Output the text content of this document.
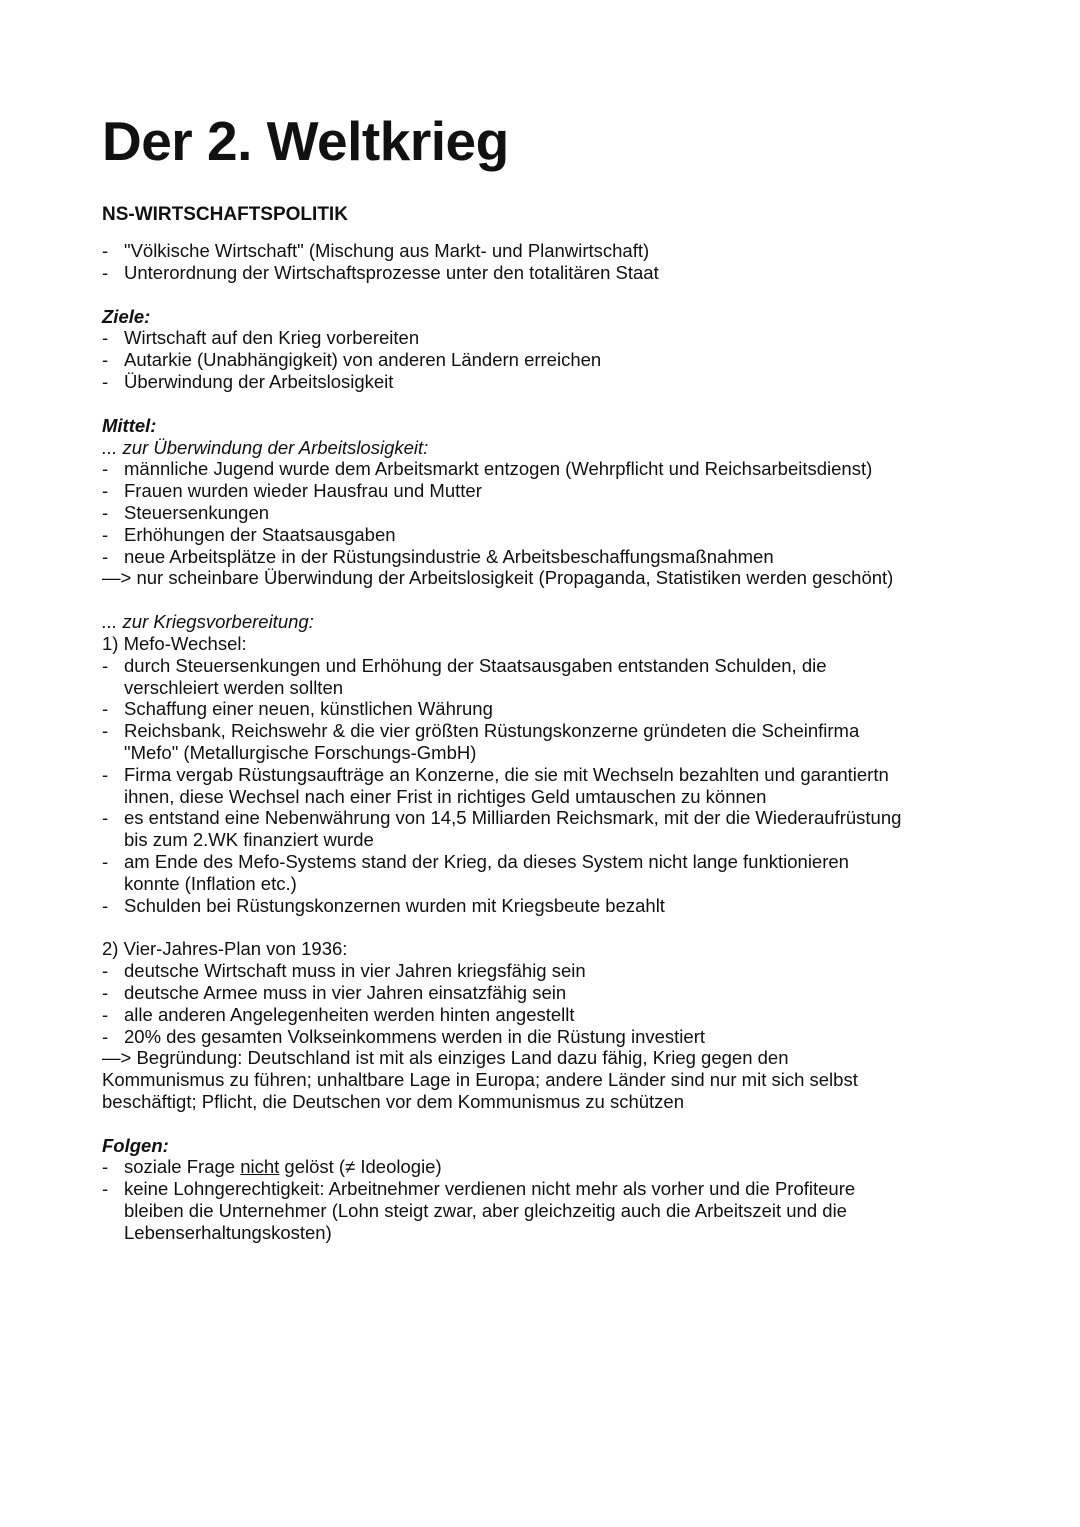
Der 2. Weltkrieg
NS-WIRTSCHAFTSPOLITIK
- "Völkische Wirtschaft" (Mischung aus Markt- und Planwirtschaft)
- Unterordnung der Wirtschaftsprozesse unter den totalitären Staat
Ziele:
- Wirtschaft auf den Krieg vorbereiten
- Autarkie (Unabhängigkeit) von anderen Ländern erreichen
- Überwindung der Arbeitslosigkeit
Mittel:
... zur Überwindung der Arbeitslosigkeit:
- männliche Jugend wurde dem Arbeitsmarkt entzogen (Wehrpflicht und Reichsarbeitsdienst)
- Frauen wurden wieder Hausfrau und Mutter
- Steuersenkungen
- Erhöhungen der Staatsausgaben
- neue Arbeitsplätze in der Rüstungsindustrie & Arbeitsbeschaffungsmaßnahmen
—> nur scheinbare Überwindung der Arbeitslosigkeit (Propaganda, Statistiken werden geschönt)
... zur Kriegsvorbereitung:
1) Mefo-Wechsel:
- durch Steuersenkungen und Erhöhung der Staatsausgaben entstanden Schulden, die
verschleiert werden sollten
- Schaffung einer neuen, künstlichen Währung
- Reichsbank, Reichswehr & die vier größten Rüstungskonzerne gründeten die Scheinfirma
"Mefo" (Metallurgische Forschungs-GmbH)
- Firma vergab Rüstungsaufträge an Konzerne, die sie mit Wechseln bezahlten und garantiertn
ihnen, diese Wechsel nach einer Frist in richtiges Geld umtauschen zu können
- es entstand eine Nebenwährung von 14,5 Milliarden Reichsmark, mit der die Wiederaufrüstung
bis zum 2.WK finanziert wurde
- am Ende des Mefo-Systems stand der Krieg, da dieses System nicht lange funktionieren
konnte (Inflation etc.)
- Schulden bei Rüstungskonzernen wurden mit Kriegsbeute bezahlt
2) Vier-Jahres-Plan von 1936:
- deutsche Wirtschaft muss in vier Jahren kriegsfähig sein
- deutsche Armee muss in vier Jahren einsatzfähig sein
- alle anderen Angelegenheiten werden hinten angestellt
- 20% des gesamten Volkseinkommens werden in die Rüstung investiert
—> Begründung: Deutschland ist mit als einziges Land dazu fähig, Krieg gegen den
Kommunismus zu führen; unhaltbare Lage in Europa; andere Länder sind nur mit sich selbst
beschäftigt; Pflicht, die Deutschen vor dem Kommunismus zu schützen
Folgen:
- soziale Frage nicht gelöst (≠ Ideologie)
- keine Lohngerechtigkeit: Arbeitnehmer verdienen nicht mehr als vorher und die Profiteure
bleiben die Unternehmer (Lohn steigt zwar, aber gleichzeitig auch die Arbeitszeit und die
Lebenserhaltungskosten)
